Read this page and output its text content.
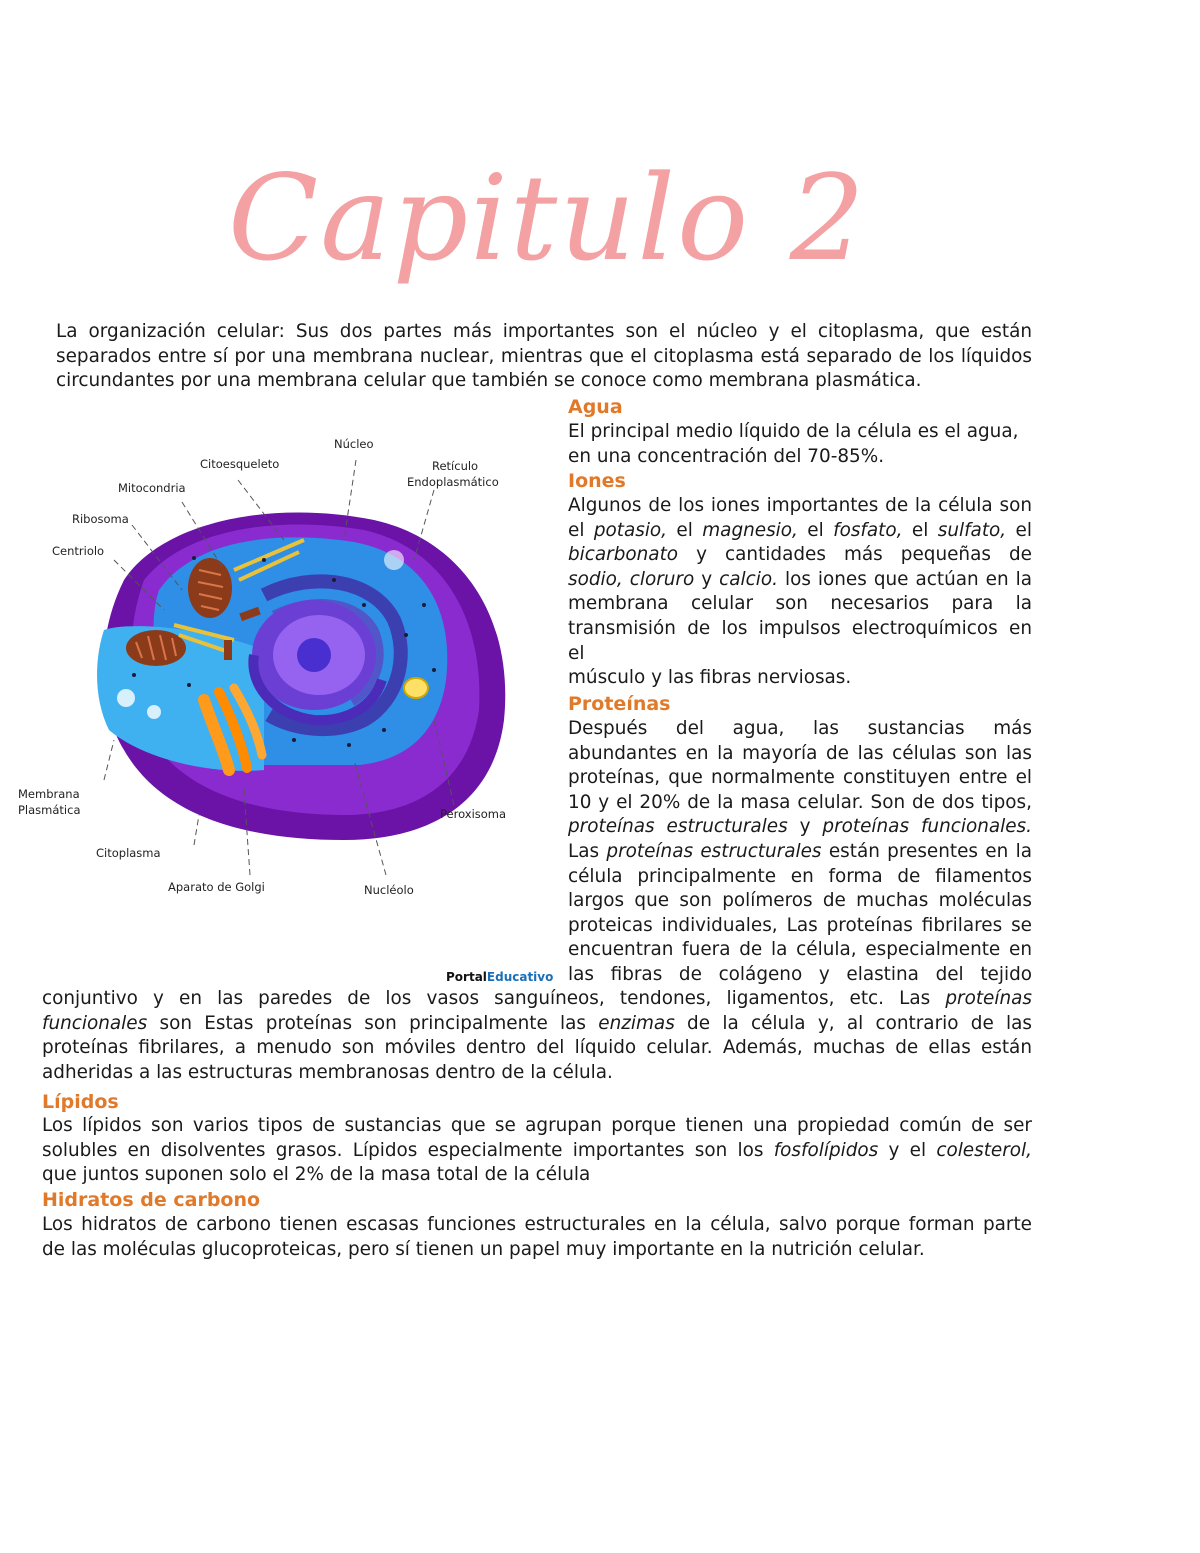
Capitulo 2
La organización celular: Sus dos partes más importantes son el núcleo y el citoplasma, que están
separados entre sí por una membrana nuclear, mientras que el citoplasma está separado de los líquidos
circundantes por una membrana celular que también se conoce como membrana plasmática.
Agua
El principal medio líquido de la célula es el agua,
en una concentración del 70-85%.
Iones
Algunos de los iones importantes de la célula son
el potasio, el magnesio, el fosfato, el sulfato, el
bicarbonato y cantidades más pequeñas de
sodio, cloruro y calcio. los iones que actúan en la
membrana celular son necesarios para la
transmisión de los impulsos electroquímicos en
el
músculo y las fibras nerviosas.
Proteínas
Después del agua, las sustancias más
abundantes en la mayoría de las células son las
proteínas, que normalmente constituyen entre el
10 y el 20% de la masa celular. Son de dos tipos,
proteínas estructurales y proteínas funcionales.
Las proteínas estructurales están presentes en la
célula principalmente en forma de filamentos
largos que son polímeros de muchas moléculas
proteicas individuales, Las proteínas fibrilares se
encuentran fuera de la célula, especialmente en
las fibras de colágeno y elastina del tejido
conjuntivo y en las paredes de los vasos sanguíneos, tendones, ligamentos, etc. Las proteínas
funcionales son Estas proteínas son principalmente las enzimas de la célula y, al contrario de las
proteínas fibrilares, a menudo son móviles dentro del líquido celular. Además, muchas de ellas están
adheridas a las estructuras membranosas dentro de la célula.
Lípidos
Los lípidos son varios tipos de sustancias que se agrupan porque tienen una propiedad común de ser
solubles en disolventes grasos. Lípidos especialmente importantes son los fosfolípidos y el colesterol,
que juntos suponen solo el 2% de la masa total de la célula
Hidratos de carbono
Los hidratos de carbono tienen escasas funciones estructurales en la célula, salvo porque forman parte
de las moléculas glucoproteicas, pero sí tienen un papel muy importante en la nutrición celular.
Núcleo
Citoesqueleto	Retículo
Endoplasmático
Mitocondria
Ribosoma
Centriolo
Membrana
Plasmática	Peroxisoma
Citoplasma
Aparato de Golgi	Nucléolo
PortalEducativo
